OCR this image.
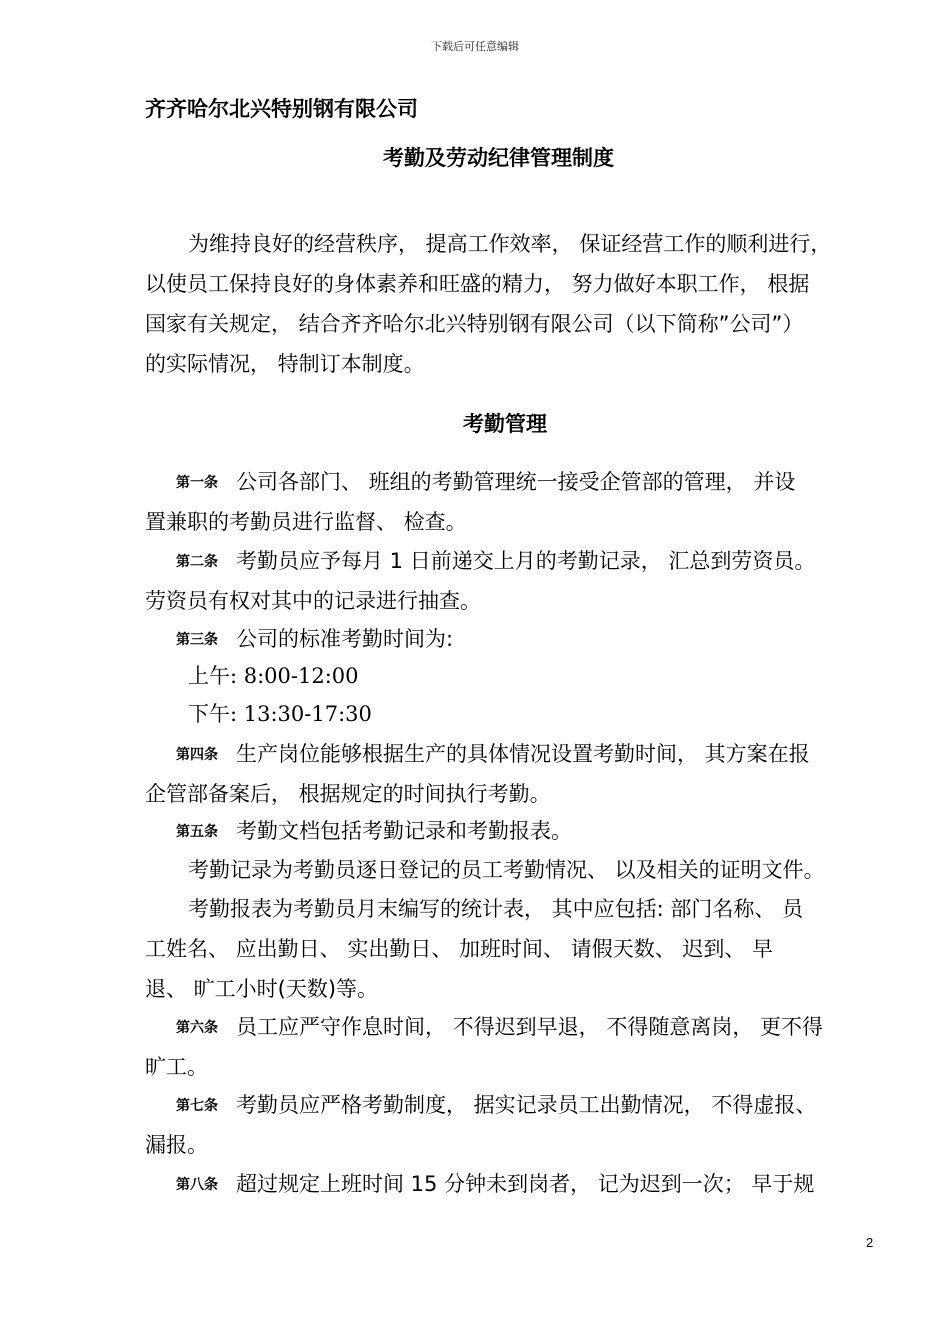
下载后可任意编辑
齐齐哈尔北兴特别钢有限公司
考勤及劳动纪律管理制度
为维持良好的经营秩序， 提高工作效率， 保证经营工作的顺利进行，
以使员工保持良好的身体素养和旺盛的精力， 努力做好本职工作， 根据
国家有关规定， 结合齐齐哈尔北兴特别钢有限公司（以下简称”公司”）
的实际情况， 特制订本制度。
考勤管理
第一条 公司各部门、 班组的考勤管理统一接受企管部的管理， 并设
置兼职的考勤员进行监督、 检查。
第二条 考勤员应予每月 1 日前递交上月的考勤记录， 汇总到劳资员。
劳资员有权对其中的记录进行抽查。
第三条 公司的标准考勤时间为:
上午: 8:00-12:00
下午: 13:30-17:30
第四条 生产岗位能够根据生产的具体情况设置考勤时间， 其方案在报
企管部备案后， 根据规定的时间执行考勤。
第五条 考勤文档包括考勤记录和考勤报表。
考勤记录为考勤员逐日登记的员工考勤情况、 以及相关的证明文件。
考勤报表为考勤员月末编写的统计表， 其中应包括: 部门名称、 员
工姓名、 应出勤日、 实出勤日、 加班时间、 请假天数、 迟到、 早
退、 旷工小时(天数)等。
第六条 员工应严守作息时间， 不得迟到早退， 不得随意离岗， 更不得
旷工。
第七条 考勤员应严格考勤制度， 据实记录员工出勤情况， 不得虚报、
漏报。
第八条 超过规定上班时间 15 分钟未到岗者， 记为迟到一次； 早于规
2
